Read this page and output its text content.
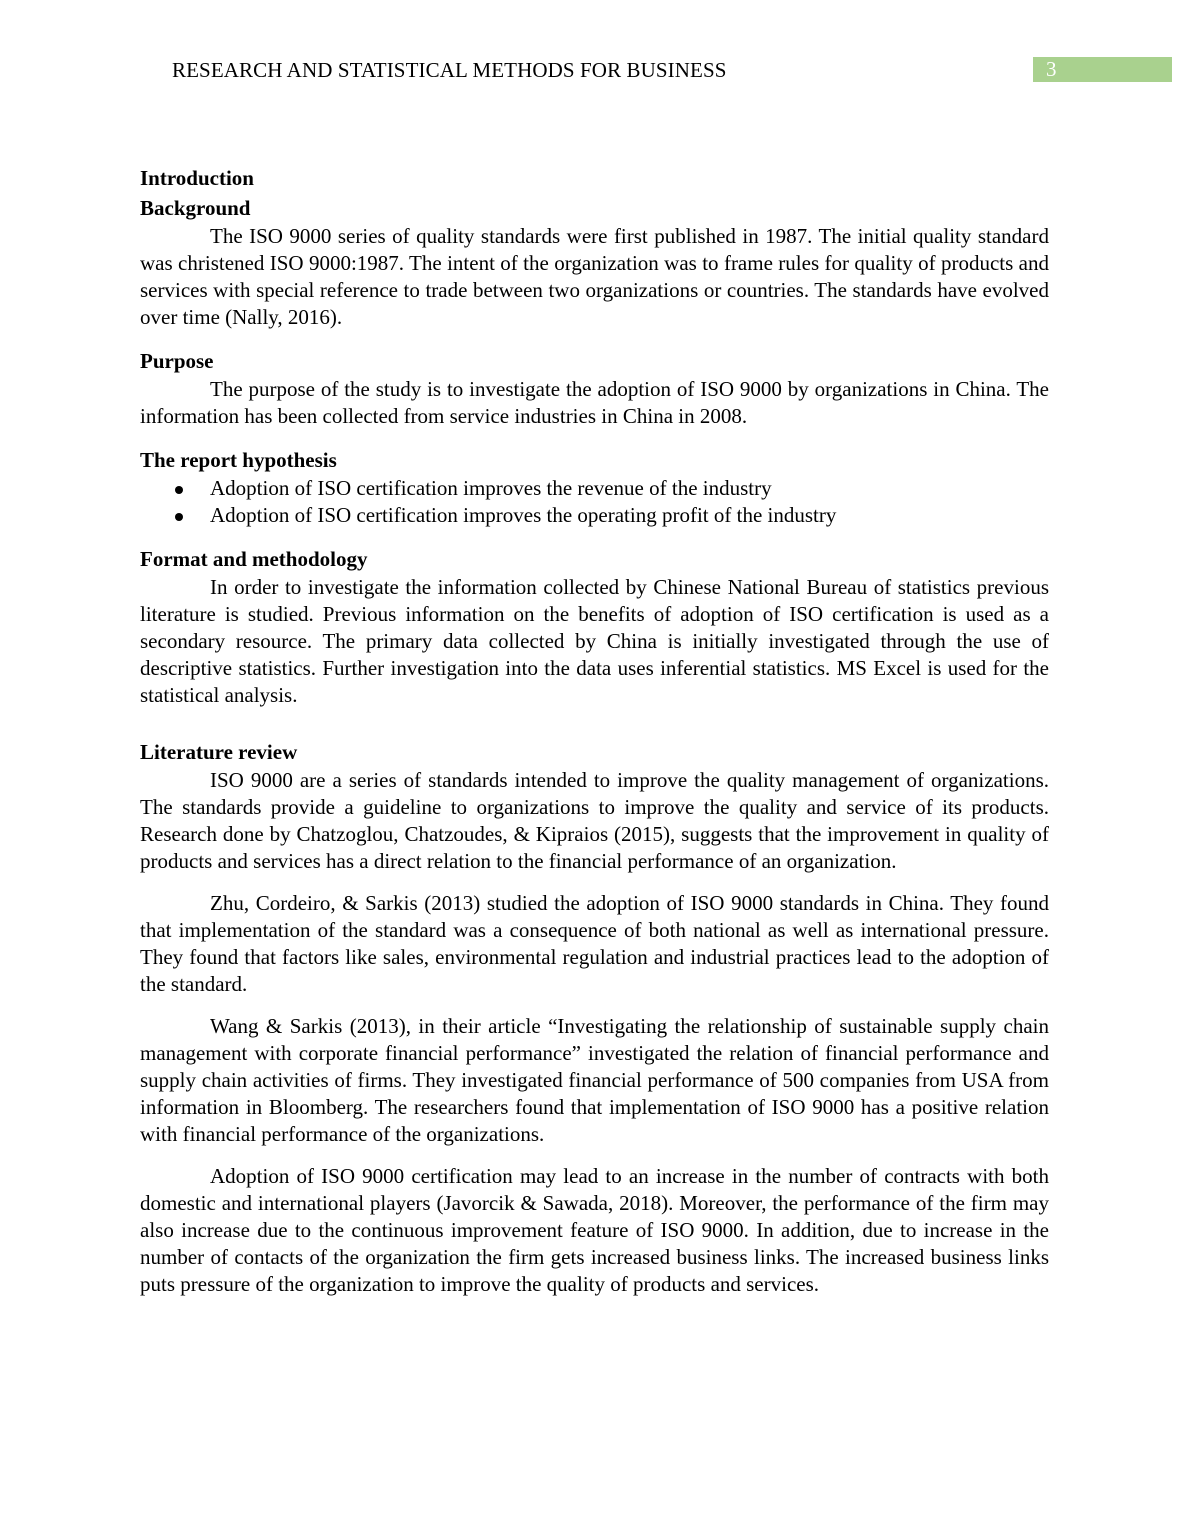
RESEARCH AND STATISTICAL METHODS FOR BUSINESS	3
Introduction
Background

The ISO 9000 series of quality standards were first published in 1987. The initial quality standard was christened ISO 9000:1987. The intent of the organization was to frame rules for quality of products and services with special reference to trade between two organizations or countries. The standards have evolved over time (Nally, 2016).

Purpose

The purpose of the study is to investigate the adoption of ISO 9000 by organizations in China. The information has been collected from service industries in China in 2008.

The report hypothesis
Adoption of ISO certification improves the revenue of the industry
Adoption of ISO certification improves the operating profit of the industry
Format and methodology

In order to investigate the information collected by Chinese National Bureau of statistics previous literature is studied. Previous information on the benefits of adoption of ISO certification is used as a secondary resource. The primary data collected by China is initially investigated through the use of descriptive statistics. Further investigation into the data uses inferential statistics. MS Excel is used for the statistical analysis.

Literature review

ISO 9000 are a series of standards intended to improve the quality management of organizations. The standards provide a guideline to organizations to improve the quality and service of its products. Research done by Chatzoglou, Chatzoudes, & Kipraios (2015), suggests that the improvement in quality of products and services has a direct relation to the financial performance of an organization.

Zhu, Cordeiro, & Sarkis (2013) studied the adoption of ISO 9000 standards in China. They found that implementation of the standard was a consequence of both national as well as international pressure. They found that factors like sales, environmental regulation and industrial practices lead to the adoption of the standard.

Wang & Sarkis (2013), in their article “Investigating the relationship of sustainable supply chain management with corporate financial performance” investigated the relation of financial performance and supply chain activities of firms. They investigated financial performance of 500 companies from USA from information in Bloomberg. The researchers found that implementation of ISO 9000 has a positive relation with financial performance of the organizations.

Adoption of ISO 9000 certification may lead to an increase in the number of contracts with both domestic and international players (Javorcik & Sawada, 2018). Moreover, the performance of the firm may also increase due to the continuous improvement feature of ISO 9000. In addition, due to increase in the number of contacts of the organization the firm gets increased business links. The increased business links puts pressure of the organization to improve the quality of products and services.
